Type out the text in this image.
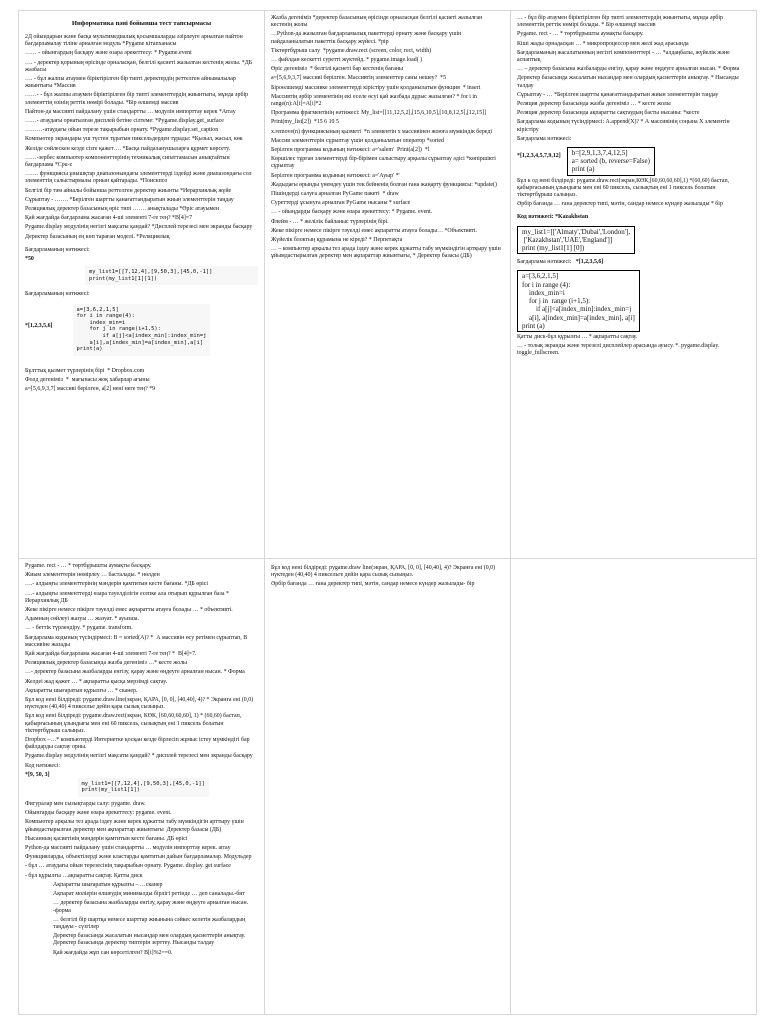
Информатика пәні бойынша тест тапсырмасы

2Д ойындарын және басқа мультимедиалық қосымшаларды әзірлеуге арналған пайтон бағдарламалау тіліне арналған модуль *Pygame кітапханасы

…… - ойынгардың басқару және өзара әрекеттесу: * Pygame.event

…. - деректер қорының өрісінде орналасқан, белгілі қасиеті жазылған кестенің жолы. *ДБ жазбасы

…. - бұл жалпы атаумен біріктірілген бір типті деректердің реттелген айнымалылар жиынтығы *Массив

……- - бұл жалпы атаумен біріктірілген бір типті элементтердің жиынтығы, мұнда әрбір элементтің өзінің реттік нөмірі болады. *Бір өлшемді массив

Пайтон-да массивті пайдалану үшін стандартты … модулін импорттау керек *Array

……- атаудағы орнатылған дисплей бетіне сілтеме: *Pygame.display.get_surface

………-атаудағы ойын терезе тақырыбын орнату. *Pygame.display.set_caption

Компьютер экрандары уш түстен тұратын пиксельдерден тұрады: *Қызыл, жасыл, көк

Желіде сөйлескен кезде сізге қажет…. *Басқа пайдаланушыларға құрмет көрсету.

……-зербес компьютер компоненттерінің техникалық сипаттамасын анықтайтын бағдарлама *Cpu-z

……. функциясы ұнышқтар диапазонындағы элементтерді іздейді және диапазондағы сол элементтің салыстырмалы орнын қайтарады. *Поискпоз

Белгілі бір тәм айналы бойынша реттелген деректер жиынты *Иерархиялық жүйе

Сұрыптау - ……. *Берілген шартты қанағаттандыратын жиын элементтерін таңдау

Реляциялық деректер базасының өріс типі ……. анықталады *Өріс атауымен

Қай жағдайда бағдарлама жасаған 4-ші элементі 7-ге тең? *B[4]=7

Pygame.display модулінің негізгі мақсаты қандай? *Дисплей терезесі мен экранды басқару

Деректер базасының ең көп тараған моделі. *Реляциялық

Бағдарламаның нәтижесі:

*50

my_list1=[[7,12,4],[9,50,3],[45,0,-1]]
print(my_list1[1][1])

Бағдарламаның нәтижесі:

*[1,2,3,5,6]

a=[3,6,2,1,5]
for i in range(4):
index_min=i
for j in range(i+1,5):
if a[j]<a[index_min]:index_min=j
a[i],a[index_min]=a[index_min],a[i]
print(a)

Бұлттық қызмет түрлерінің бірі  * Dropbox.com

Фолд дегеніміз  *  мағынасы жоқ хабарлар ағыны

a=[5,6,9,3,7] массиві берілген, a[2] нені неге тең? *9

Жазба дегеніміз *деректер базасының өрісінде орналасқан белгілі қасиеті жазылған кестенің жолы

…Python-да жазылған бағдарламалық пакеттерді орнату және басқару үшін пайдаланылатын пакеттік басқару жүйесі. *pip

Тіктөртбұрыш салу  *pygame.draw.rect (screen, color, rect, width)

… файлдан кескетті суретті жүктейд. * pygame.image.load( )

Өріс дегеніміз  * белгілі қасиеті бар кестенің бағаны

a=[5,6,9,3,7] массиві берілген. Массивтің элементтер саны нешеу?  *5

Біроөлшемді массивке элементтерді кірістіру үшін қолданылатын функция  * insert

Массивтің әрбір элементінің екі еселе өсуі қай жазбада дұрыс жазылған? * for i in range(n):A[i]=A[i]*2

Программа фрагментінің нәтижесі: My_list=[[11,12,5,2],[15,6,10,5],[10,8,12,5],[12,15]]

Print(my_list[2])  *15 6 10 5

x.remove(n) функциясының қызметі  *n элементін x массивінен жоюға мүмкіндік береді

Массив элементтерін сұрыптау үшін қолданылатын оператор *sorted

Берілген программа кодының нәтижесі: a='salem'  Print(a[2])  *l

Көршілес тұрған элементтерді бір-бірімен салыстыру арқылы сұрыптау әдісі *көпіршікті сұрыптау

Берілген программа кодының нәтижесі: a='Ауыр' *'

Жадыдағы өрынды үнемдеу үшін тек бейненің болған ғана жаңарту функциясы: *update()

Пішіндерді салуға арналған PyGame пакеті  * draw

Суреттерді ұсынуға арналған PyGame нысаны * surface

… - ойыңдарды басқару және өзара әрекеттесу: * Pygame. event.

Флейм - … * желілік байланыс түрлерінің бірі.

Жеке пікірге немесе пікірге тәуелді емес ақпаратты атауға болады… *Объективті.

Жүйелік блоктың құрамына не кіреді? * Перпетақта

… – компьютер арқылы тез арада іздеу және керек құжатты табу мүмкіндігін артқыру үшін ұйымдастырылған деректер мен ақпараттар жиынтығы, * Деректер базасы (ДБ)

… - бұл бір атаумен біріктірілген бір типті элементтердің жиынтығы, мұнда әрбір элементтің реттік нөмірі болады. * Бір өлшемді массив

Pygame. rect - … * төртбұрышты аумақты басқару.

Кіші жады орнадасқан … * микропроцессор мен желі жад арасында

Бағдарламаның жасалатынның негізгі компоненттері - … *алдаңбалы, жүйелік және аспаптық

… – деректер базасына жазбаларды енгізу, қарау және өңдеуге арналған нысан. * Форма

Деректер базасында жасалатын нысандар мен олардың қасиеттерін анықтау. * Нысанды талдау

Сұрыптау - … *Берілген шартты қанағаттандыратын жиын элементтерін таңдау

Реляция деректер базасында жазба дегеніміз … * кесте жолы

Реляция деректер базасында ақпаратты сақтаудың басты нысаны: *кесте

Бағдарлама кодының түсіндірмесі: A.append(X)? * А массивінің соңына Х элементін кірістіру

Бағдарлама нәтижесі:

*[1,2,3,4,5,7,9,12] b=[2,9,1,3,7,4,12,5]
a= sorted (b, reverse=False)
print (a)

Бұл к од нені білдіреді: pygame.draw.rect(экран,КӨК,[60,60,60,60],1) *(60,60) бастап, қабырғасының ұзындығы мен ені 60 пиксель, сызықтың ені 1 пиксель болатын тіктөртбұрыш салыңыз.

Әрбір бағанда … ғана деректер типі, мәтін, сандар немесе күндер жазылады * бір

Код нәтижесі: *Kazakhstan

my_list1=[['Almaty','Dubai','London'],
['Kazakhstan','UAE','England']]
print (my_list1[1] [0])

Бағдарлама нәтижесі: *[1,2,3,5,6]

a=[3,6,2,1,5]
for i in range (4):
index_min=i
for j in  range (i+1,5):
if a[j]<a[index_min]:index_min=j
a[i], a[index_min]=a[index_min], a[i]
print (a)

Қатты диск-бұл құрылғы … * ақпаратты сақтау.

… - толық экранды және терезелі дисплейлер арасында ауысу. *. pygame.display. toggle_fullscreen.

Pygame. rect - … * төртбұрышты аумақты басқару.

Жиым элементтерін нөмірлеу … басталады. * нөлден

….- алдыңғы элементтерінің мәндерін қамтитын кесте бағаны. *ДБ өрісі

….- алдыңғы элементтерді өзара тәуелділігін есепке ала отырып құрылған база *  Иерархиялық ДБ

Жеке пікірге немесе пікірге тәуелді емес ақпаратты атауға болады … * объективті.

Адамның сөйлеуі жазуы … жазуат. * ауызша.

… - беттік түрлендіру. * pygame. transform.

Бағдарлама кодының түсіндірмесі: B = sorted(A)? *  А массивін өсу ретімен сұрыптап, В массивіне жазады

Қай жағдайда бағдарлама жасаған 4-ші элементі 7-ге тең? *  B[4]=7.

Реляциялық деректер базасында жазба дегеніміз …* кесте жолы

…- деректер базасына жазбаларды енгізу, қарау және өңдеуге арналған нысан. * Форма

Желдеі жад қажет … * ақпаратты қысқа мерзімді сақтау.

Ақпаратты шығаратын құрылғы … * сканер.

Бұл код нені білдіреді: pygame.draw.line(экран, ҚАРА, [0, 0], [40,40], 4)? * Экранға ені (0,0) нүктеден (40,40) 4 пикселье дейін қара сызық сызыңыз.

Бұл код нені білдіреді: pygame.draw.rect(экран, КӨК, [60,60,60,60], 1) * (60,60) бастап, қабырғасының ұзындығы мен ені 60 пиксель, сызықтың ені 1 пиксель болатын тіктөртбұрыш салыңыз.

Dropbox –…* компьютерді Интернетке қосқан кезде бірлесіп жұмыс істеу мүмкіндігі бар файлдарды сақтау орны.

Pygame.display модулінің негізгі мақсаты қандай? * дисплей терезесі мен экранды басқару

Код нәтижесі:

*[9, 50, 3]

my_list1=[[7,12,4],[9,50,3],[45,0,-1]]
print(my_list1[1])

Фигуралар мен сызықтарды салу: pygame. draw.

Ойынгарды басқару және өзара әрекеттесу: pygame. event.

Компьютер арқылы тез арада іздеу және керек құжатты табу мүмкіндігін арттыру үшін ұйымдастырылған деректер мен ақпараттар жиынтығы  Деректер базасы (ДБ)

Нысанның қасиетінің мәндерін қамтитын кесте бағаны. ДБ өрісі

Python-да массивті пайдалану үшін стандартты … модулін импорттау керек. array

Функцияларды, объектілерді және кластарды қамтитын дайын бағдарламалар. Модульдер

- бұл … атаудағы ойын терезесінің тақырыбын орнату. Pygame. display. get surface

- бұл құрылғы …ақпаратты сақтау. Қатты диск

Ақпаратты шығаратын құрылғы – …сканер

Ақпарат моліерін өлшеудің минималды бірлігі ретінде … деп саналады.-бит

… деректер базасына жазбаларды енгізу, қарау және өңдеуге арналған нысан. -форма

… белгілі бір шартқа немесе шарттар жиынына сәйкес келетін жазбалардың таңдауы - сүзгілер

Деректер базасында жасалатын нысандар мен олардың қасиеттерін анықтау. Деректер базасында деректер типтерін зерттеу. Нысанды талдау

Қай жағдайда жұп сан көрсетілген? B[i]%2==0.

Бұл код нені білдіреді: pygame.draw line(экран, ҚАРА, [0, 0], [40,40], 4)? Экранға ені (0,0) нүктеден (40,40) 4 пиксельге дейін қара сызық сызыңыз.

Әрбір бағанда … ғана деректер типі, мәтін, сандар немесе күндер жазылады- бір
